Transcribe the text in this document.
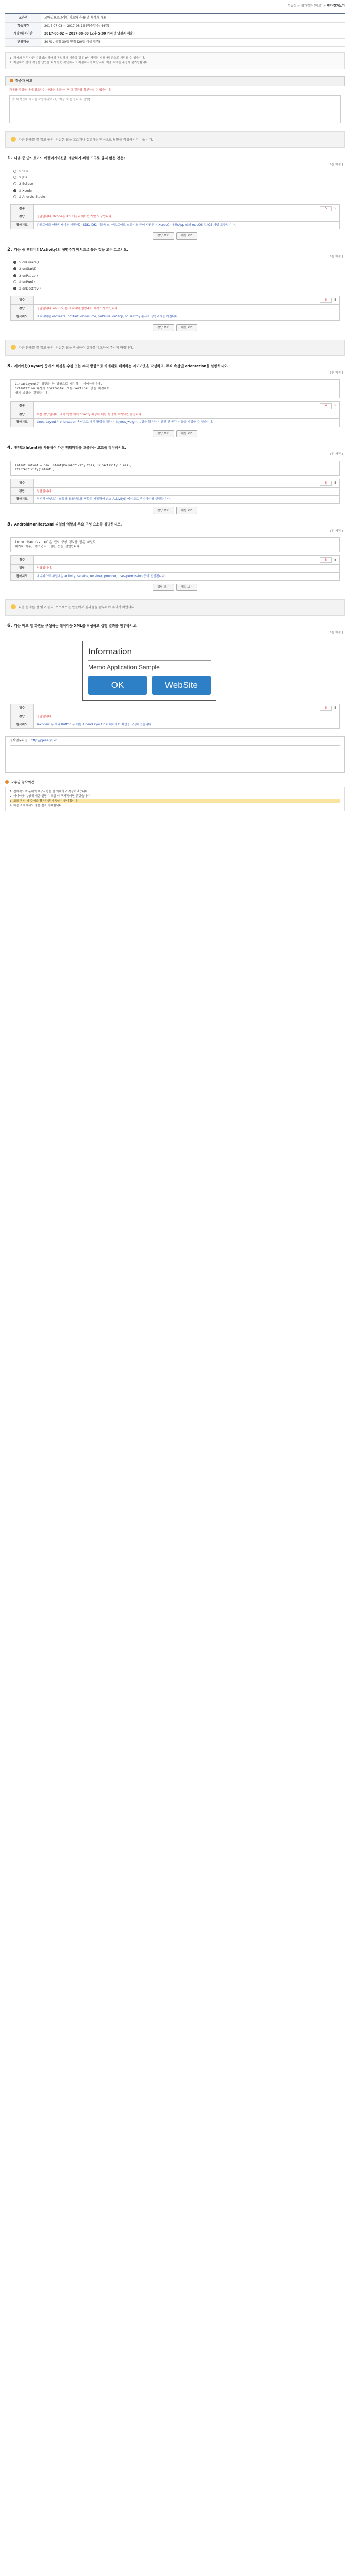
학습성 > 평가결과 [학교] > 평가결과보기
교과명	모바일프로그래밍 기초와 응용(앱 제작과 배포)
학습기간	2017-07-03 ~ 2017-08-15 (학습일수: 44일)
제출/채점기간	2017-08-02 ~ 2017-08-09 (오후 5:00 까지 응답결과 제출)
반영비율	30 % / 총점 30점 만점 (20점 이상 합격)

1. 과제의 경우 다른 수강생의 과제와 동일하게 제출할 경우 0점 처리되며 모사답안으로 처리될 수 있습니다.

2. 제출하기 전에 작성한 답안을 다시 한번 확인하시고 제출하시기 바랍니다. 제출 후에는 수정이 불가능합니다.

학습자 메모
과제를 작성할 때에 참고하는 사항을 메모하시면 그 결과를 확인하실 수 있습니다.
[아래 학습자 메모를 작성하세요 - 단 '저장' 버튼 클릭 후 반영]
다음 문제를 잘 읽고 풀되, 적절한 답을 고르거나 설명하는 방식으로 답안을 작성하시기 바랍니다.
1. 다음 중 안드로이드 애플리케이션을 개발하기 위한 도구로 옳지 않은 것은?
[ 5점 배점 ]
① SDK
② JDK
③ Eclipse
④ Xcode
⑤ Android Studio
점수	5 5

정답	정답입니다. Xcode는 iOS 애플리케이션 개발 도구입니다.
첨삭지도	안드로이드 애플리케이션 개발에는 SDK, JDK, 이클립스, 안드로이드 스튜디오 등이 사용되며 Xcode는 애플(Apple)의 macOS 및 iOS 개발 도구입니다.
정답 보기	해설 보기
2. 다음 중 액티비티(Activity)의 생명주기 메서드로 옳은 것을 모두 고르시오.
[ 5점 배점 ]
① onCreate()
② onStart()
③ onPause()
④ onRun()
⑤ onDestroy()
점수	5 5

정답	정답입니다. onRun()은 액티비티 생명주기 메서드가 아닙니다.
첨삭지도	액티비티는 onCreate, onStart, onResume, onPause, onStop, onDestroy 순서로 생명주기를 가집니다.
정답 보기	해설 보기
다음 문제를 잘 읽고 풀되, 적절한 답을 작성하여 결과를 비교하여 주시기 바랍니다.
3. 레이아웃(Layout) 중에서 위젯을 수평 또는 수직 방향으로 차례대로 배치하는 레이아웃을 작성하고, 주요 속성인 orientation을 설명하시오.
[ 5점 배점 ]
LinearLayout은 위젯을 한 방향으로 배치하는 레이아웃이며,
orientation 속성에 horizontal 또는 vertical 값을 지정하여
배치 방향을 결정합니다.
점수	4 5

정답	부분 정답입니다. 배치 방향 외에 gravity 속성에 대한 설명이 추가되면 좋습니다.
첨삭지도	LinearLayout은 orientation 속성으로 배치 방향을 정하며, layout_weight 속성을 활용하여 위젯 간 공간 비율을 지정할 수 있습니다.
정답 보기	해설 보기
4. 인텐트(Intent)를 사용하여 다른 액티비티를 호출하는 코드를 작성하시오.
[ 5점 배점 ]
Intent intent = new Intent(MainActivity.this, SubActivity.class);
startActivity(intent);
점수	5 5

정답	정답입니다.
첨삭지도	명시적 인텐트는 호출할 컴포넌트를 명확히 지정하며 startActivity() 메서드로 액티비티를 실행합니다.
정답 보기	해설 보기
5. AndroidManifest.xml 파일의 역할과 주요 구성 요소를 설명하시오.
[ 5점 배점 ]
AndroidManifest.xml은 앱의 구성 정보를 담은 파일로
패키지 이름, 컴포넌트, 권한 등을 선언합니다.
점수	5 5

정답	정답입니다.
첨삭지도	매니페스트 파일에는 activity, service, receiver, provider, uses-permission 등이 선언됩니다.
정답 보기	해설 보기
다음 문제를 잘 읽고 풀되, 프로젝트를 만들어서 결과물을 첨부하여 주시기 바랍니다.
6. 다음 메모 앱 화면을 구성하는 레이아웃 XML을 작성하고 실행 결과를 첨부하시오.
[ 5점 배점 ]
Information
Memo Application Sample
OK	WebSite
점수	5 5

정답	정답입니다.
첨삭지도	TextView 두 개와 Button 두 개를 LinearLayout으로 배치하여 화면을 구성하였습니다.
첨삭첨부파일 : http://pjeee.yj.kr
교수님 첨삭의견

1. 전체적으로 문제의 요구사항을 잘 이해하고 작성하였습니다.

2. 레이아웃 속성에 대한 설명이 조금 더 구체적이면 좋겠습니다.

3. 코드 작성 시 주석을 활용하면 가독성이 좋아집니다.

4. 다음 과제에서도 좋은 결과 기대합니다.
